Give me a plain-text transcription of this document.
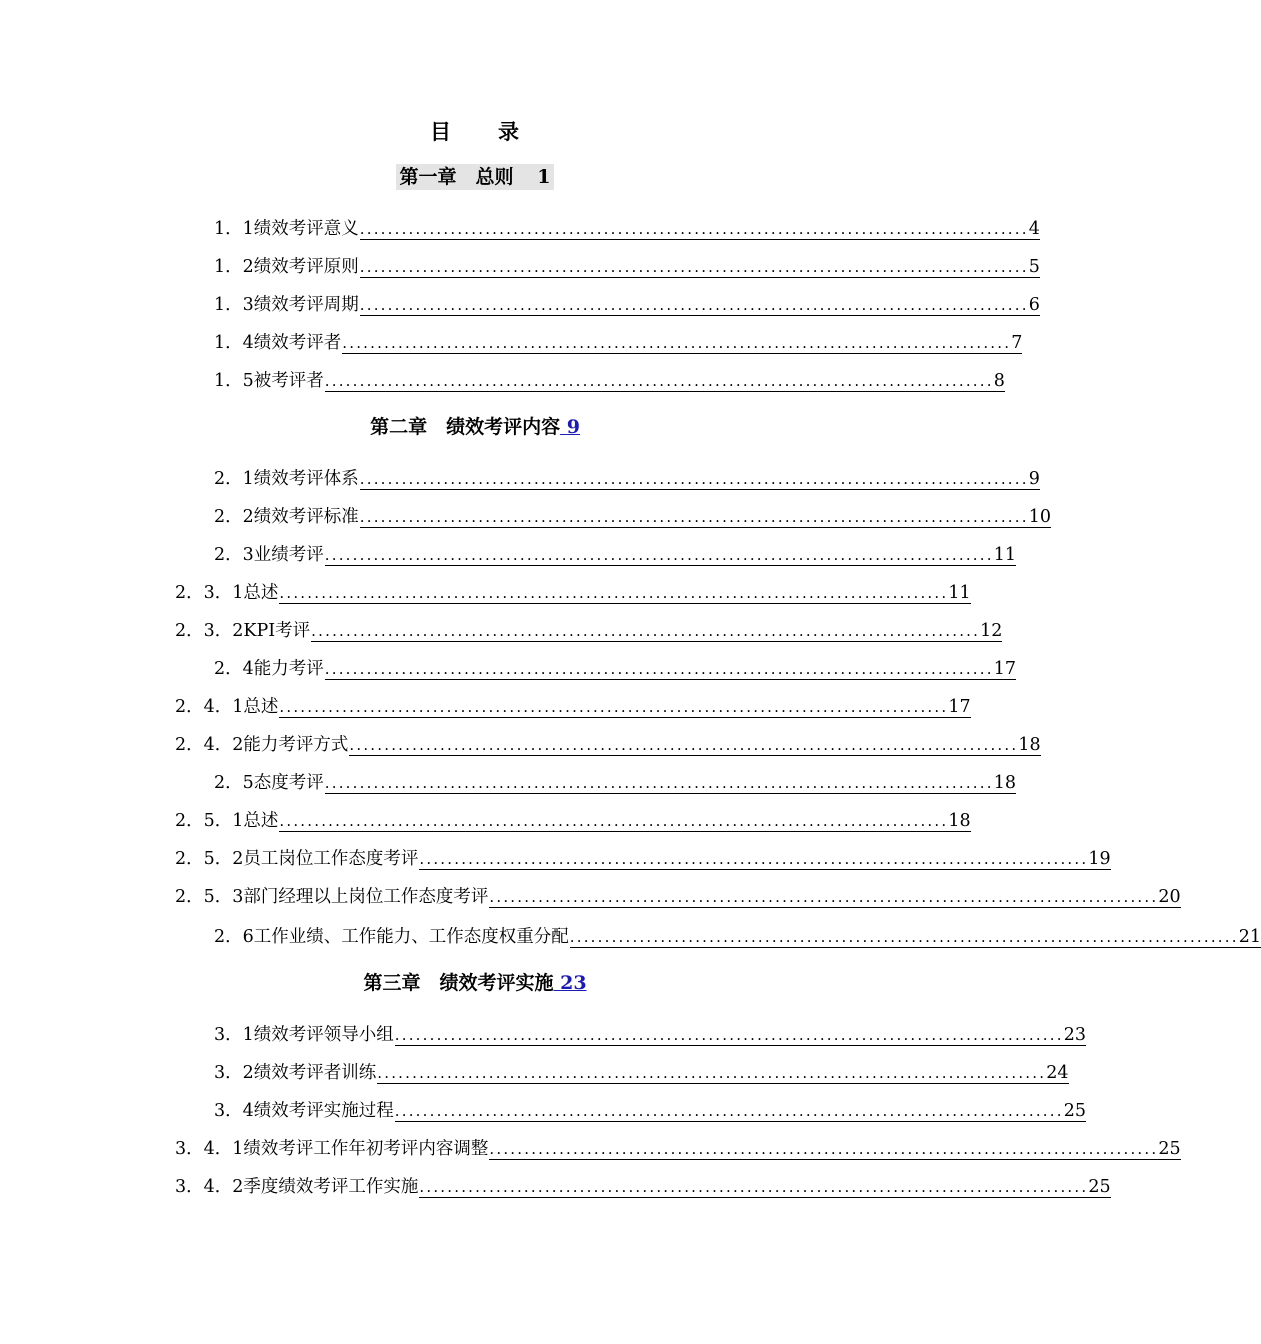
目 录
第一章　总则　  1
1．1 绩效考评意义 ................................................................................................ 4
1．2 绩效考评原则 ................................................................................................ 5
1．3 绩效考评周期 ................................................................................................ 6
1．4 绩效考评者 ................................................................................................ 7
1．5 被考评者 ................................................................................................ 8
第二章　绩效考评内容 9
2．1 绩效考评体系 ................................................................................................ 9
2．2 绩效考评标准 ................................................................................................ 10
2．3 业绩考评 ................................................................................................ 11
2．3．1 总述 ................................................................................................ 11
2．3．2 KPI考评 ................................................................................................ 12
2．4 能力考评 ................................................................................................ 17
2．4．1 总述 ................................................................................................ 17
2．4．2 能力考评方式 ................................................................................................ 18
2．5 态度考评 ................................................................................................ 18
2．5．1 总述 ................................................................................................ 18
2．5．2 员工岗位工作态度考评 ................................................................................................ 19
2．5．3 部门经理以上岗位工作态度考评 ................................................................................................ 20
2．6 工作业绩、工作能力、工作态度权重分配 ................................................................................................ 21
第三章　绩效考评实施 23
3．1 绩效考评领导小组 ................................................................................................ 23
3．2 绩效考评者训练 ................................................................................................ 24
3．4 绩效考评实施过程 ................................................................................................ 25
3．4．1 绩效考评工作年初考评内容调整 ................................................................................................ 25
3．4．2 季度绩效考评工作实施 ................................................................................................ 25
